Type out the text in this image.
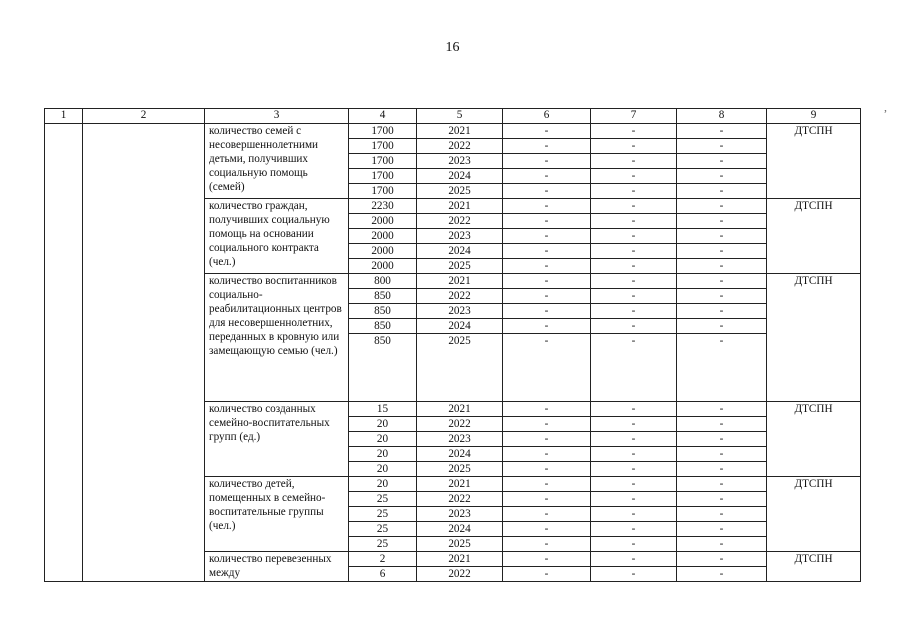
16
,
1	2	3	4	5	6	7	8	9
		количество семей с несовершеннолетними детьми, получивших социальную помощь (семей)	1700	2021	-	-	-	ДТСПН
			1700	2022	-	-	-	
			1700	2023	-	-	-	
			1700	2024	-	-	-	
			1700	2025	-	-	-	
		количество граждан, получивших социальную помощь на основании социального контракта (чел.)	2230	2021	-	-	-	ДТСПН
			2000	2022	-	-	-	
			2000	2023	-	-	-	
			2000	2024	-	-	-	
			2000	2025	-	-	-	
		количество воспитанников социально-реабилитационных центров для несовершеннолетних, переданных в кровную или замещающую семью (чел.)	800	2021	-	-	-	ДТСПН
			850	2022	-	-	-	
			850	2023	-	-	-	
			850	2024	-	-	-	
			850	2025	-	-	-	
		количество созданных семейно-воспитательных групп (ед.)	15	2021	-	-	-	ДТСПН
			20	2022	-	-	-	
			20	2023	-	-	-	
			20	2024	-	-	-	
			20	2025	-	-	-	
		количество детей, помещенных в семейно-воспитательные группы (чел.)	20	2021	-	-	-	ДТСПН
			25	2022	-	-	-	
			25	2023	-	-	-	
			25	2024	-	-	-	
			25	2025	-	-	-	
		количество перевезенных между	2	2021	-	-	-	ДТСПН
			6	2022	-	-	-	
